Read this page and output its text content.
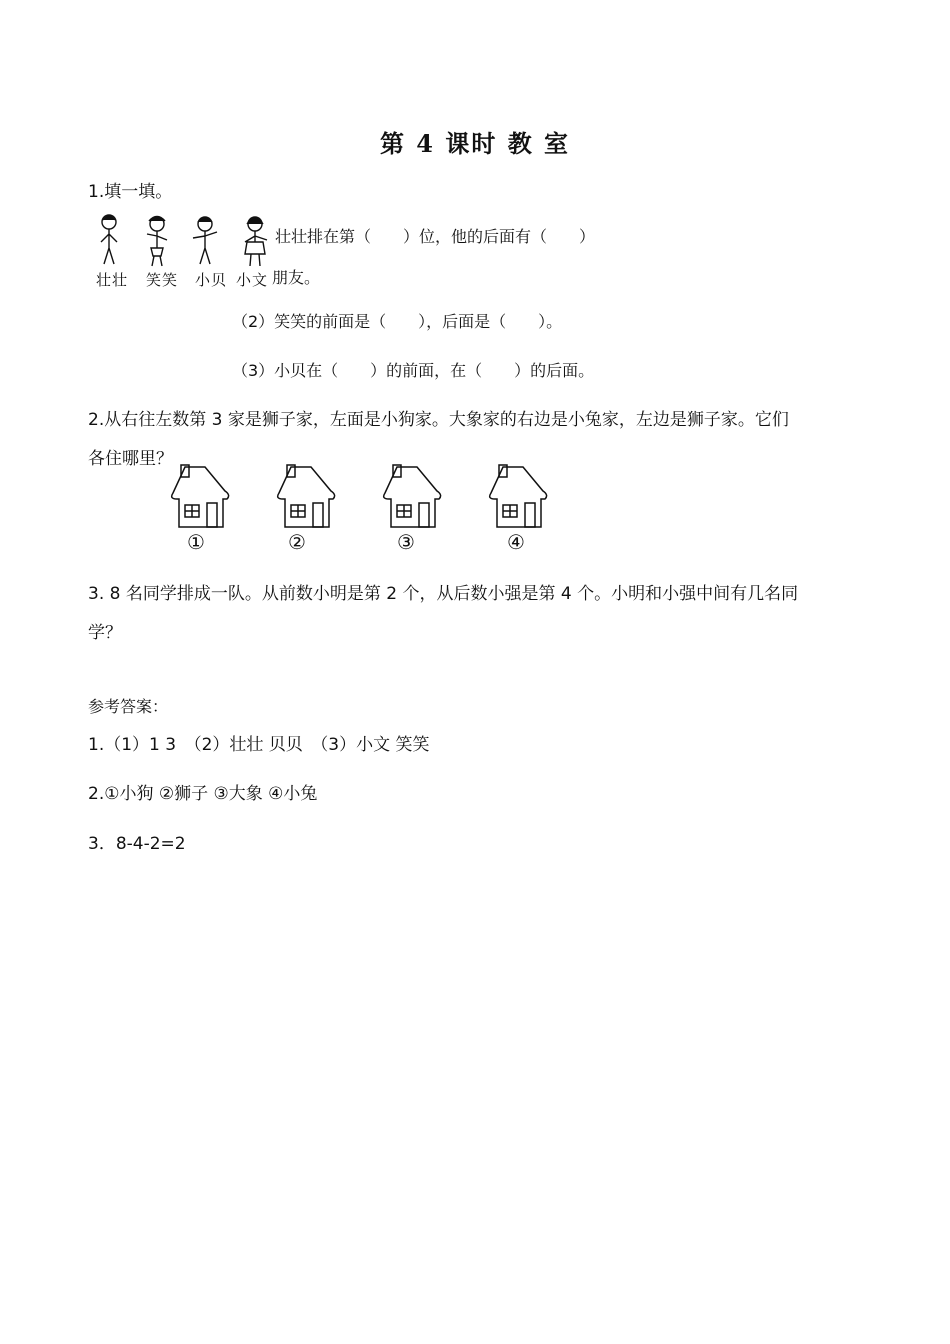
第 4 课时 教 室
1.填一填。
壮壮 笑笑 小贝 小文
壮壮排在第（　　）位，他的后面有（　　）
朋友。
（2）笑笑的前面是（　　），后面是（　　）。
（3）小贝在（　　）的前面，在（　　）的后面。
2.从右往左数第 3 家是狮子家，左面是小狗家。大象家的右边是小兔家，左边是狮子家。它们
各住哪里？
①	②	③	④
3. 8 名同学排成一队。从前数小明是第 2 个，从后数小强是第 4 个。小明和小强中间有几名同
学？
参考答案：
1.（1）1 3　（2）壮壮 贝贝　（3）小文 笑笑
2.①小狗 ②狮子 ③大象 ④小兔
3．8-4-2=2
